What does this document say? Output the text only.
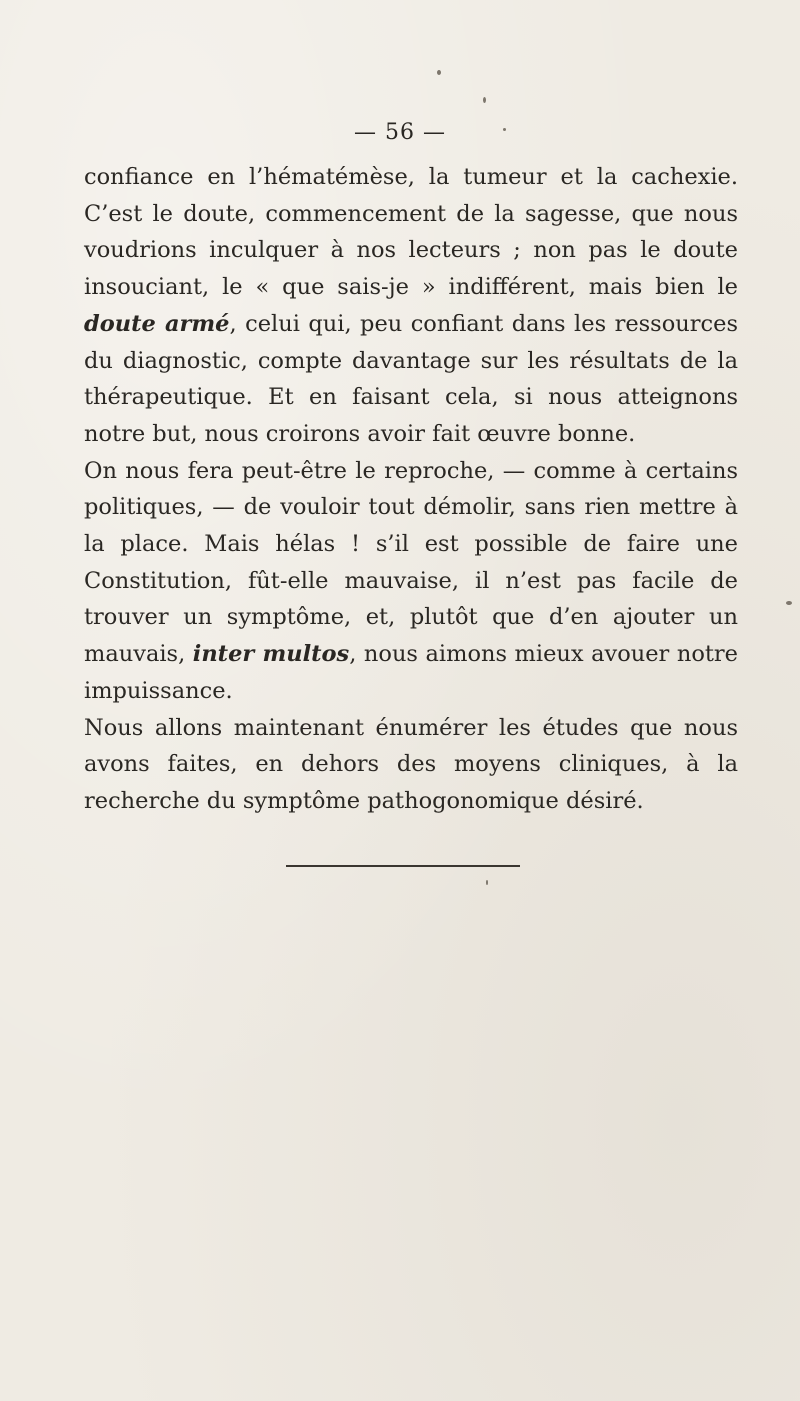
— 56 —

confiance en l’hématémèse, la tumeur et la cachexie. C’est le doute, commencement de la sagesse, que nous voudrions inculquer à nos lecteurs ; non pas le doute insouciant, le « que sais-je » indifférent, mais bien le doute armé, celui qui, peu confiant dans les ressources du diagnostic, compte davantage sur les résultats de la thérapeutique. Et en faisant cela, si nous atteignons notre but, nous croirons avoir fait œuvre bonne.

On nous fera peut-être le reproche, — comme à certains politiques, — de vouloir tout démolir, sans rien mettre à la place. Mais hélas ! s’il est possible de faire une Constitution, fût-elle mauvaise, il n’est pas facile de trouver un symptôme, et, plutôt que d’en ajouter un mauvais, inter multos, nous aimons mieux avouer notre impuissance.

Nous allons maintenant énumérer les études que nous avons faites, en dehors des moyens cliniques, à la recherche du symptôme pathogonomique désiré.
